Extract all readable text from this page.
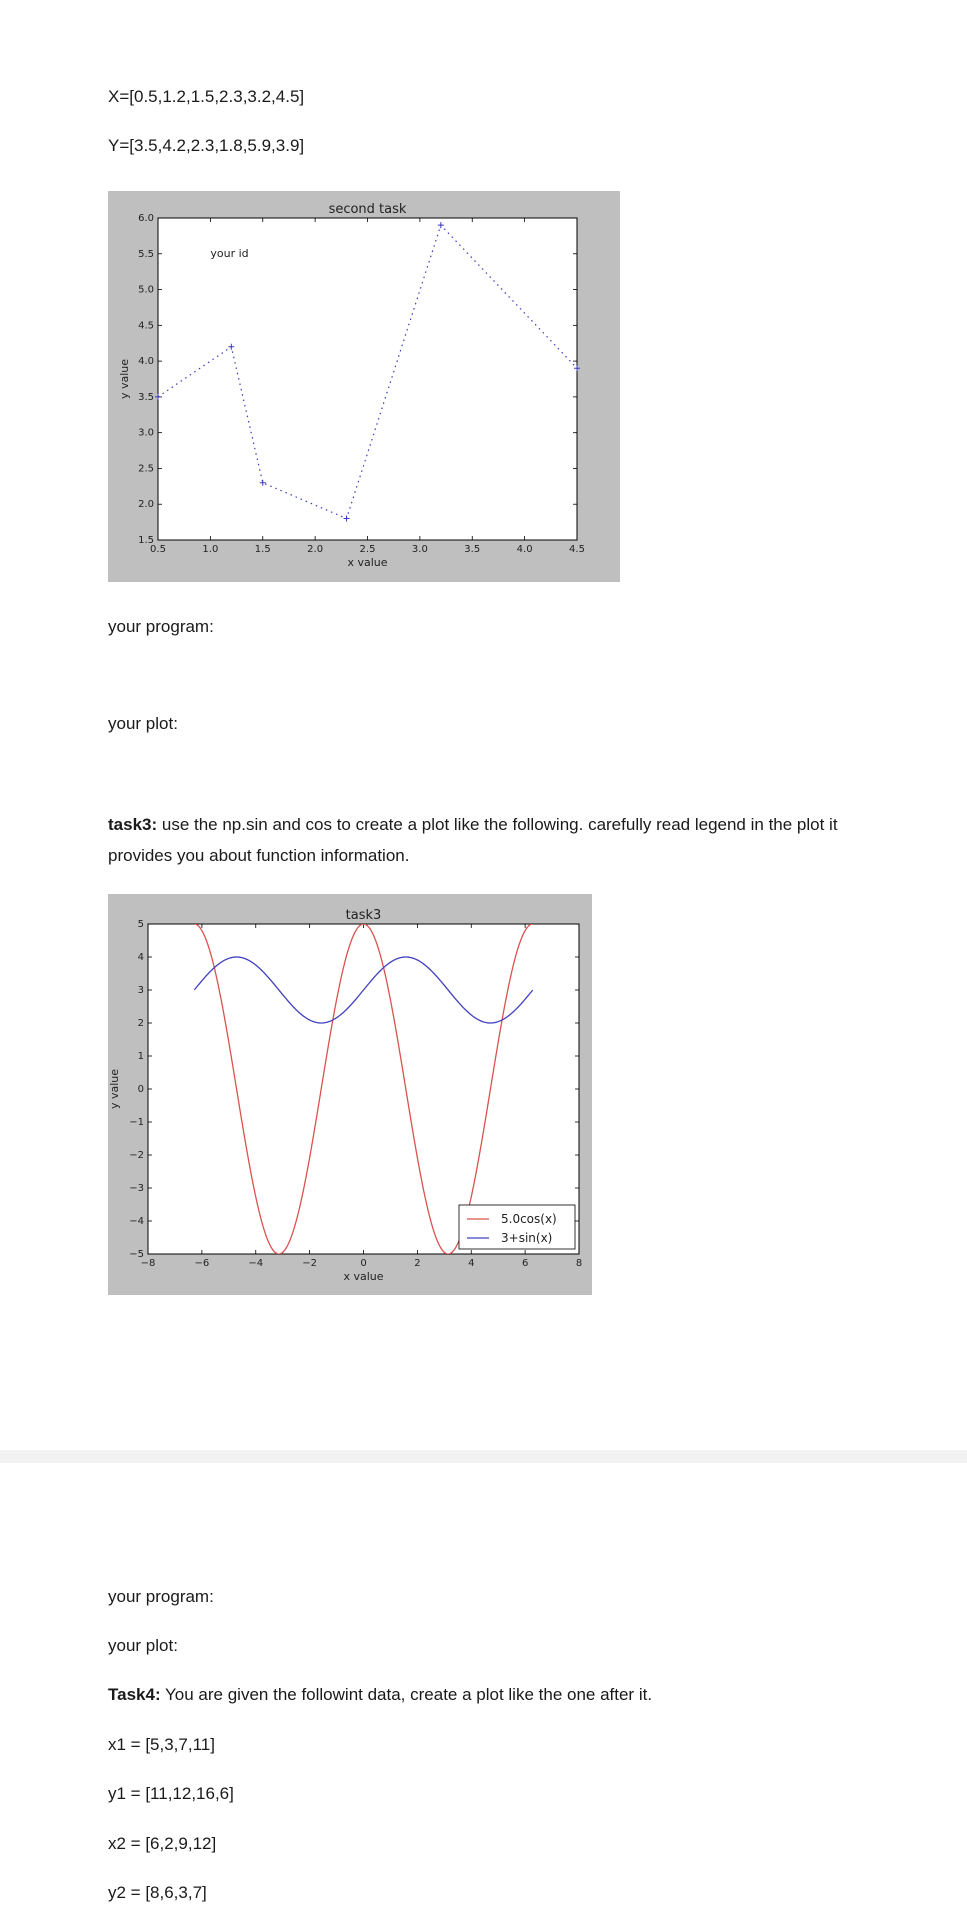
X=[0.5,1.2,1.5,2.3,3.2,4.5]
Y=[3.5,4.2,2.3,1.8,5.9,3.9]
0.5	1.0	1.5	2.0	2.5	3.0	3.5	4.0	4.5
1.5
2.0
2.5
3.0
3.5
4.0
4.5
5.0
5.5
6.0
second task
x value
y value
your id
your program:
your plot:
task3: use the np.sin and cos to create a plot like the following. carefully read legend in the plot it provides you about function information.
−8	−6	−4	−2	0	2	4	6	8
−5
−4
−3
−2
−1
0
1
2
3
4
5
task3
x value
y value
5.0cos(x)
3+sin(x)
your program:
your plot:
Task4: You are given the followint data, create a plot like the one after it.
x1 = [5,3,7,11]
y1 = [11,12,16,6]
x2 = [6,2,9,12]
y2 = [8,6,3,7]
